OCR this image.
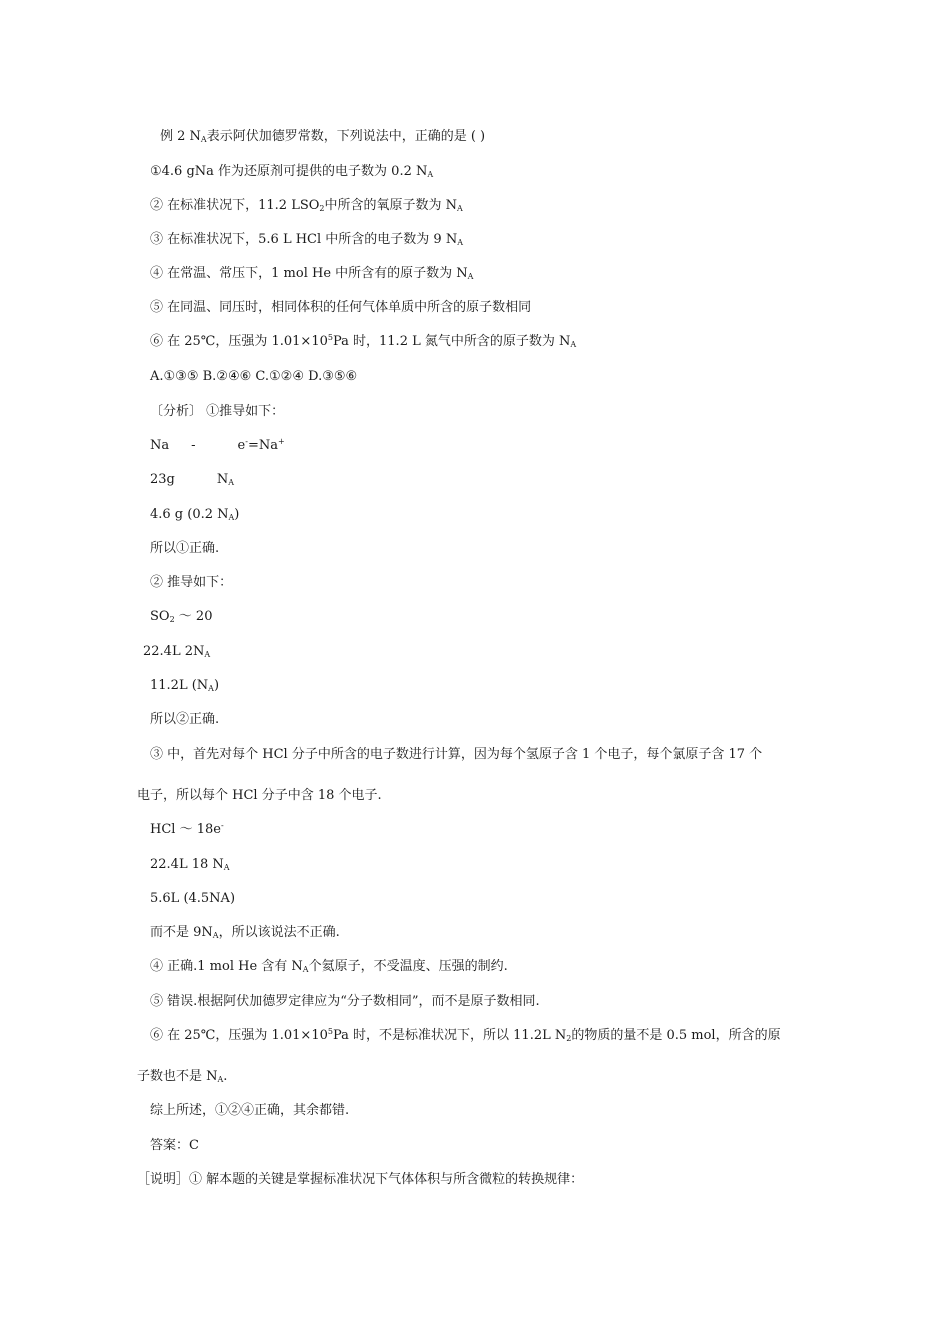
例 2 $N_A$表示阿伏加德罗常数，下列说法中，正确的是 ( )
①4.6 gNa 作为还原剂可提供的电子数为 0.2 $N_A$
② 在标准状况下，11.2 $LSO_2$中所含的氧原子数为 $N_A$
③ 在标准状况下，5.6 L HCl 中所含的电子数为 9 $N_A$
④ 在常温、常压下，1 mol He 中所含有的原子数为 $N_A$
⑤ 在同温、同压时，相同体积的任何气体单质中所含的原子数相同
⑥ 在 25℃，压强为 $1.01\times 10^5Pa$ 时，11.2 L 氮气中所含的原子数为 $N_A$
A.①③⑤ B.②④⑥ C.①②④ D.③⑤⑥
〔分析〕 ①推导如下：
Na -	e-=Na+
23g	$N_A$
4.6 g (0.2 $N_A$)
所以①正确.
② 推导如下：
$SO_2$ ～ 20
22.4L $2N_A$
11.2L $(N_A)$
所以②正确.
③ 中，首先对每个 HCl 分子中所含的电子数进行计算，因为每个氢原子含 1 个电子，每个氯原子含 17 个
电子，所以每个 HCl 分子中含 18 个电子.
HCl ～ 18e-
22.4L 18 $N_A$
5.6L (4.5NA)
而不是 $9N_A$，所以该说法不正确.
④ 正确.1 mol He 含有 $N_A$个氦原子，不受温度、压强的制约.
⑤ 错误.根据阿伏加德罗定律应为“分子数相同”，而不是原子数相同.
⑥ 在 25℃，压强为 $1.01\times 10^5Pa$ 时，不是标准状况下，所以 11.2L $N_2$的物质的量不是 0.5 mol，所含的原
子数也不是 $N_A$.
综上所述，①②④正确，其余都错.
答案：C
［说明］① 解本题的关键是掌握标准状况下气体体积与所含微粒的转换规律：
